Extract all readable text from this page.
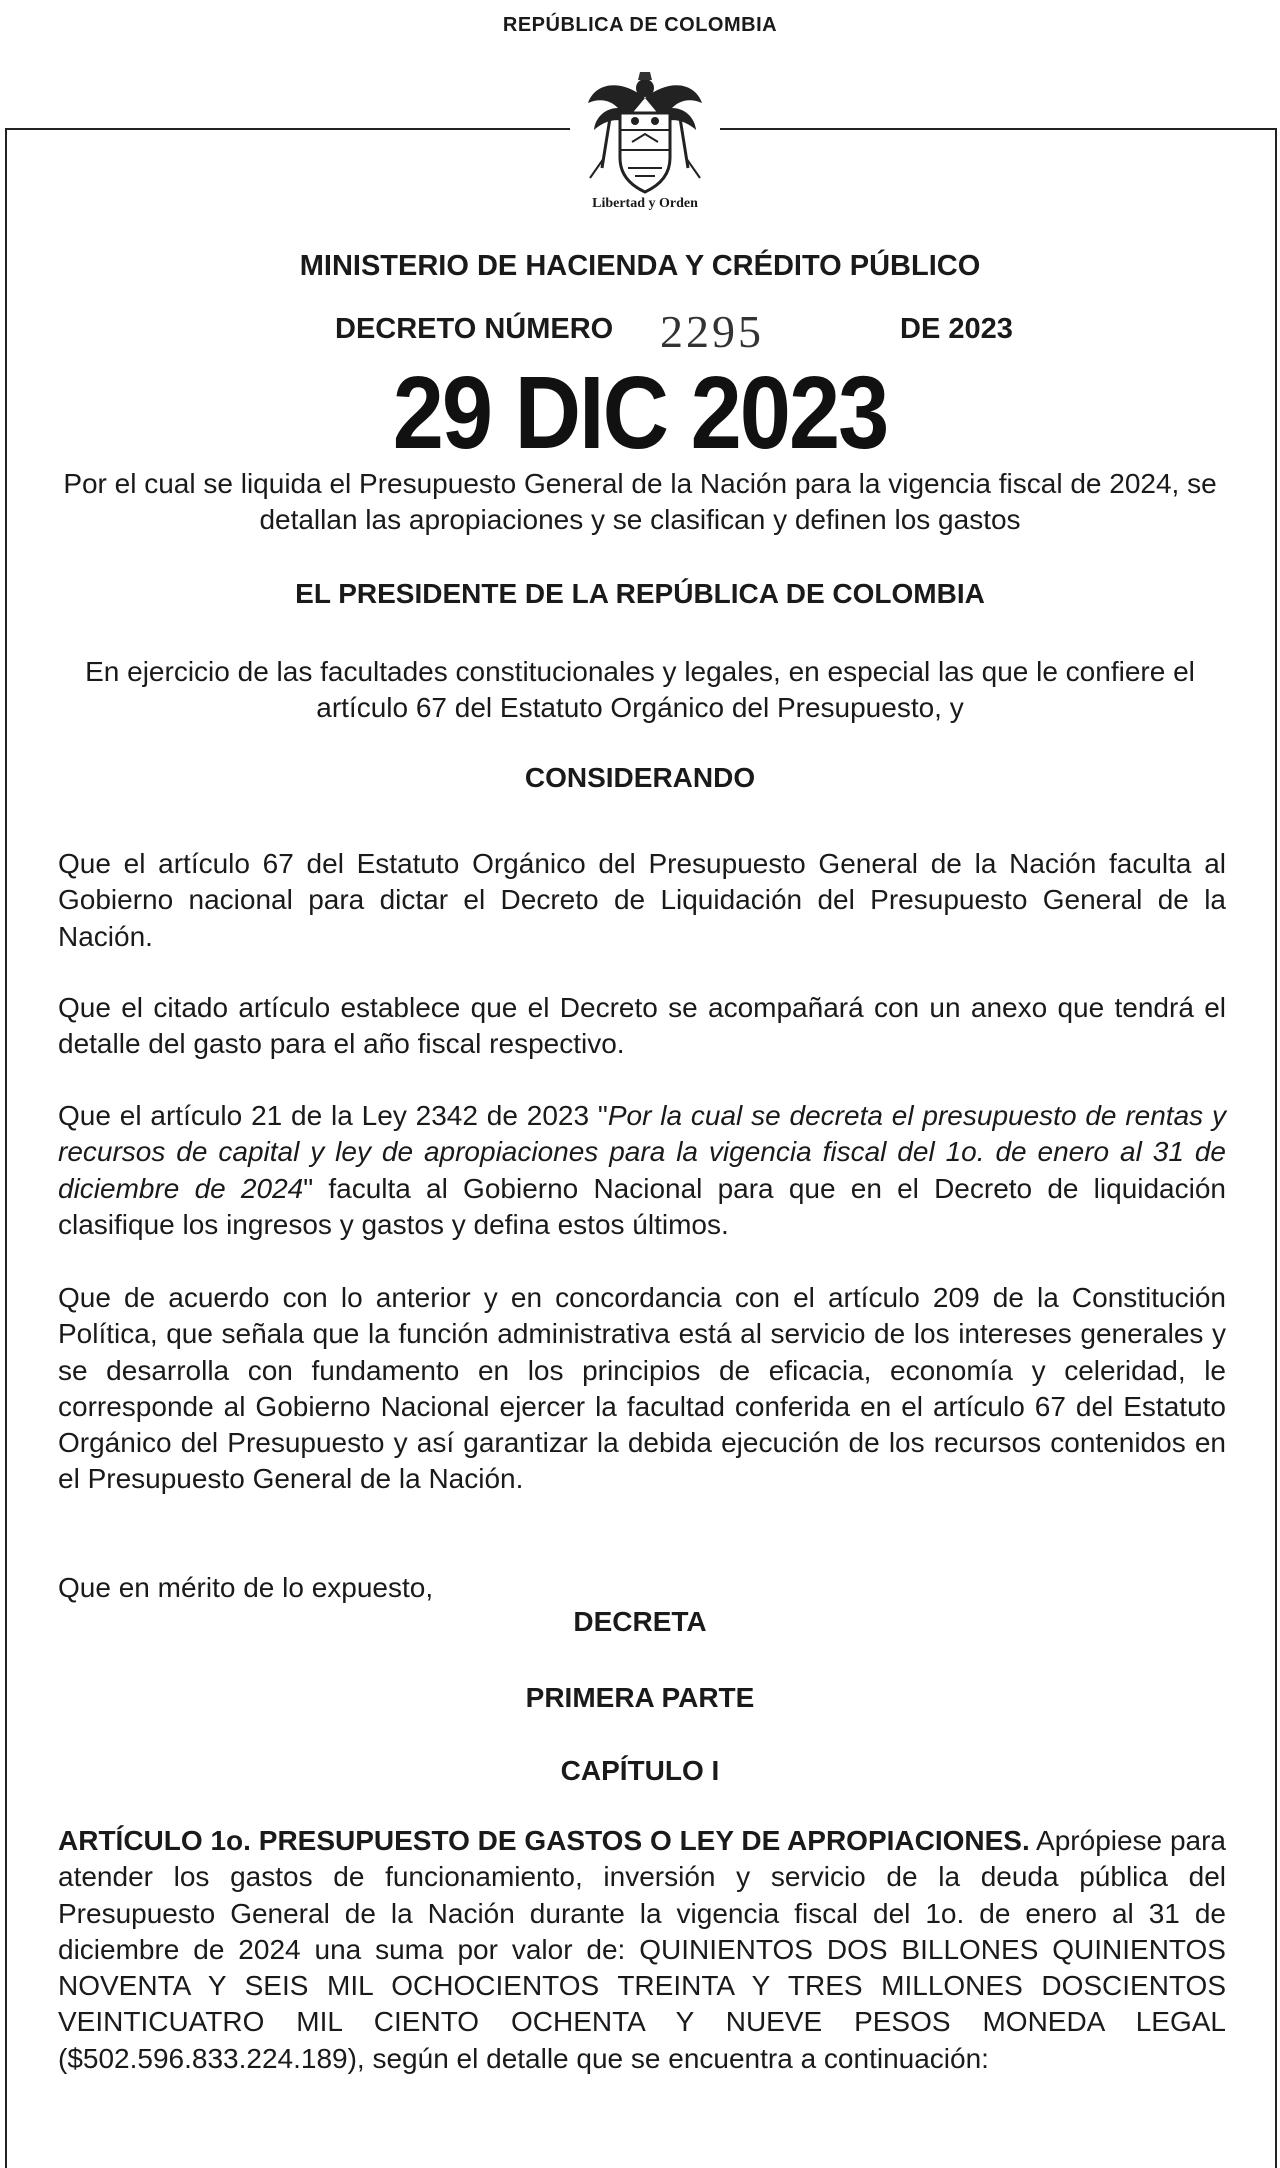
REPÚBLICA DE COLOMBIA
Libertad y Orden
MINISTERIO DE HACIENDA Y CRÉDITO PÚBLICO
DECRETO NÚMERO 2295	DE 2023
29 DIC 2023
Por el cual se liquida el Presupuesto General de la Nación para la vigencia fiscal de 2024, se detallan las apropiaciones y se clasifican y definen los gastos
EL PRESIDENTE DE LA REPÚBLICA DE COLOMBIA
En ejercicio de las facultades constitucionales y legales, en especial las que le confiere el artículo 67 del Estatuto Orgánico del Presupuesto, y
CONSIDERANDO
Que el artículo 67 del Estatuto Orgánico del Presupuesto General de la Nación faculta al Gobierno nacional para dictar el Decreto de Liquidación del Presupuesto General de la Nación.
Que el citado artículo establece que el Decreto se acompañará con un anexo que tendrá el detalle del gasto para el año fiscal respectivo.
Que el artículo 21 de la Ley 2342 de 2023 "Por la cual se decreta el presupuesto de rentas y recursos de capital y ley de apropiaciones para la vigencia fiscal del 1o. de enero al 31 de diciembre de 2024" faculta al Gobierno Nacional para que en el Decreto de liquidación clasifique los ingresos y gastos y defina estos últimos.
Que de acuerdo con lo anterior y en concordancia con el artículo 209 de la Constitución Política, que señala que la función administrativa está al servicio de los intereses generales y se desarrolla con fundamento en los principios de eficacia, economía y celeridad, le corresponde al Gobierno Nacional ejercer la facultad conferida en el artículo 67 del Estatuto Orgánico del Presupuesto y así garantizar la debida ejecución de los recursos contenidos en el Presupuesto General de la Nación.
Que en mérito de lo expuesto,
DECRETA
PRIMERA PARTE
CAPÍTULO I
ARTÍCULO 1o. PRESUPUESTO DE GASTOS O LEY DE APROPIACIONES. Aprópiese para atender los gastos de funcionamiento, inversión y servicio de la deuda pública del Presupuesto General de la Nación durante la vigencia fiscal del 1o. de enero al 31 de diciembre de 2024 una suma por valor de: QUINIENTOS DOS BILLONES QUINIENTOS NOVENTA Y SEIS MIL OCHOCIENTOS TREINTA Y TRES MILLONES DOSCIENTOS VEINTICUATRO MIL CIENTO OCHENTA Y NUEVE PESOS MONEDA LEGAL ($502.596.833.224.189), según el detalle que se encuentra a continuación:
